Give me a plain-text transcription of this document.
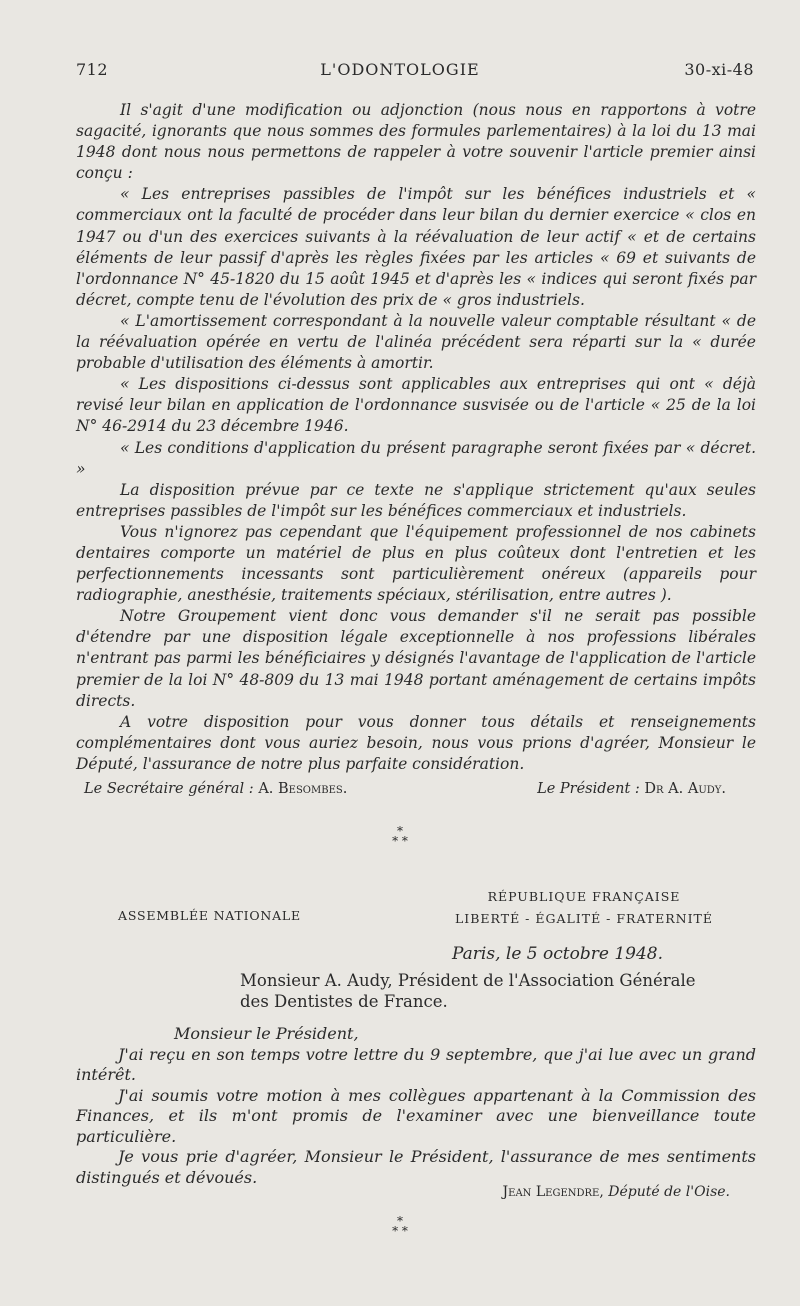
712	L'ODONTOLOGIE	30-xi-48

Il s'agit d'une modification ou adjonction (nous nous en rapportons à votre sagacité, ignorants que nous sommes des formules parlementaires) à la loi du 13 mai 1948 dont nous nous permettons de rappeler à votre souvenir l'article premier ainsi conçu :

« Les entreprises passibles de l'impôt sur les bénéfices industriels et « commerciaux ont la faculté de procéder dans leur bilan du dernier exercice « clos en 1947 ou d'un des exercices suivants à la réévaluation de leur actif « et de certains éléments de leur passif d'après les règles fixées par les articles « 69 et suivants de l'ordonnance N° 45-1820 du 15 août 1945 et d'après les « indices qui seront fixés par décret, compte tenu de l'évolution des prix de « gros industriels.

« L'amortissement correspondant à la nouvelle valeur comptable résultant « de la réévaluation opérée en vertu de l'alinéa précédent sera réparti sur la « durée probable d'utilisation des éléments à amortir.

« Les dispositions ci-dessus sont applicables aux entreprises qui ont « déjà revisé leur bilan en application de l'ordonnance susvisée ou de l'article « 25 de la loi N° 46-2914 du 23 décembre 1946.

« Les conditions d'application du présent paragraphe seront fixées par « décret. »

La disposition prévue par ce texte ne s'applique strictement qu'aux seules entreprises passibles de l'impôt sur les bénéfices commerciaux et industriels.

Vous n'ignorez pas cependant que l'équipement professionnel de nos cabinets dentaires comporte un matériel de plus en plus coûteux dont l'entretien et les perfectionnements incessants sont particulièrement onéreux (appareils pour radiographie, anesthésie, traitements spéciaux, stérilisation, entre autres ).

Notre Groupement vient donc vous demander s'il ne serait pas possible d'étendre par une disposition légale exceptionnelle à nos professions libérales n'entrant pas parmi les bénéficiaires y désignés l'avantage de l'application de l'article premier de la loi N° 48-809 du 13 mai 1948 portant aménagement de certains impôts directs.

A votre disposition pour vous donner tous détails et renseignements complémentaires dont vous auriez besoin, nous vous prions d'agréer, Monsieur le Député, l'assurance de notre plus parfaite considération.

Le Secrétaire général : A. Besombes.	Le Président : Dr A. Audy.
*
* *
RÉPUBLIQUE FRANÇAISE
LIBERTÉ - ÉGALITÉ - FRATERNITÉ
ASSEMBLÉE NATIONALE
Paris, le 5 octobre 1948.
Monsieur A. Audy, Président de l'Association Générale
des Dentistes de France.

Monsieur le Président,

J'ai reçu en son temps votre lettre du 9 septembre, que j'ai lue avec un grand intérêt.

J'ai soumis votre motion à mes collègues appartenant à la Commission des Finances, et ils m'ont promis de l'examiner avec une bienveillance toute particulière.

Je vous prie d'agréer, Monsieur le Président, l'assurance de mes sentiments distingués et dévoués.

Jean Legendre, Député de l'Oise.
*
* *
